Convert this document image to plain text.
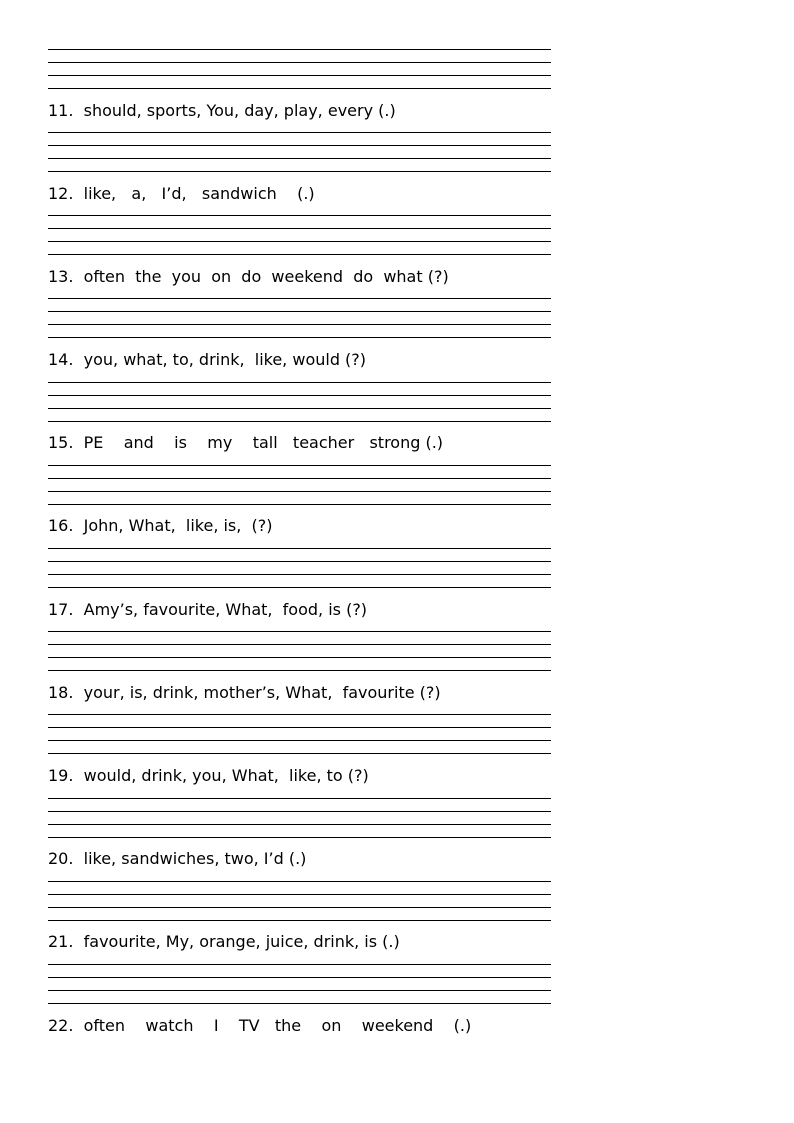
11. should, sports, You, day, play, every (.)
12. like,   a,   I’d,   sandwich    (.)
13. often  the  you  on  do  weekend  do  what (?)
14. you, what, to, drink,  like, would (?)
15. PE    and    is    my    tall   teacher   strong (.)
16. John, What,  like, is,  (?)
17. Amy’s, favourite, What,  food, is (?)
18. your, is, drink, mother’s, What,  favourite (?)
19. would, drink, you, What,  like, to (?)
20. like, sandwiches, two, I’d (.)
21. favourite, My, orange, juice, drink, is (.)
22. often    watch    I    TV   the    on    weekend    (.)
